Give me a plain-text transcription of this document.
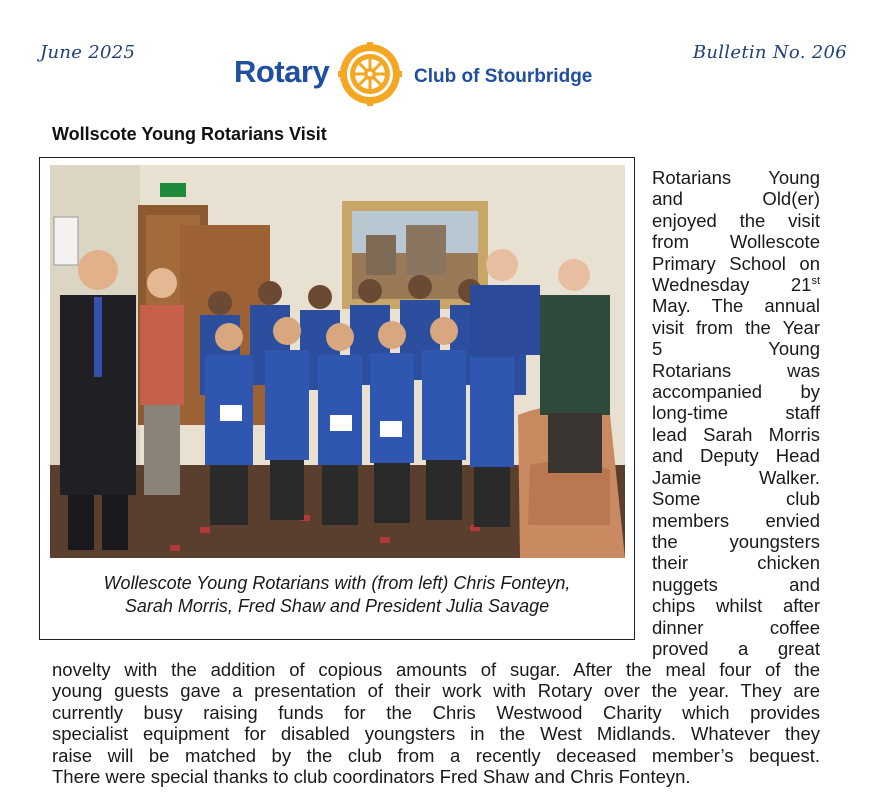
June 2025	Bulletin No. 206
Rotary	Club of Stourbridge
Wollscote Young Rotarians Visit
Wollescote Young Rotarians with (from left) Chris Fonteyn,
Sarah Morris, Fred Shaw and President Julia Savage
Rotarians Young
and Old(er)
enjoyed the visit
from Wollescote
Primary School on
Wednesday 21st
May. The annual
visit from the Year
5 Young
Rotarians was
accompanied by
long-time staff
lead Sarah Morris
and Deputy Head
Jamie Walker.
Some club
members envied
the youngsters
their chicken
nuggets and
chips whilst after
dinner coffee
proved a great
novelty with the addition of copious amounts of sugar. After the meal four of the
young guests gave a presentation of their work with Rotary over the year. They are
currently busy raising funds for the Chris Westwood Charity which provides
specialist equipment for disabled youngsters in the West Midlands. Whatever they
raise will be matched by the club from a recently deceased member’s bequest.
There were special thanks to club coordinators Fred Shaw and Chris Fonteyn.
